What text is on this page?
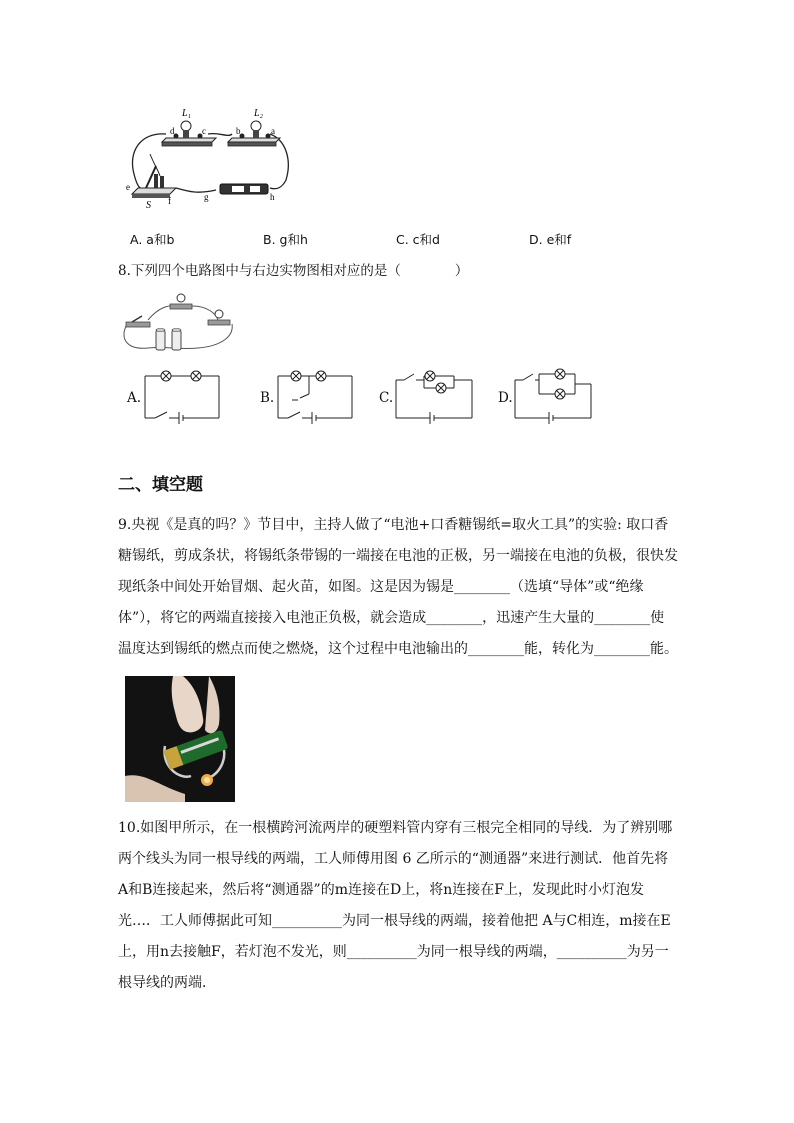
L₁	L₂
d	c	b	a
e
f
S
g	h
A. a和b	B. g和h	C. c和d	D. e和f
8.下列四个电路图中与右边实物图相对应的是（　　　　）
A.	B.	C.	D.
二、填空题
9.央视《是真的吗？》节目中，主持人做了“电池+口香糖锡纸=取火工具”的实验: 取口香
糖锡纸，剪成条状，将锡纸条带锡的一端接在电池的正极，另一端接在电池的负极，很快发
现纸条中间处开始冒烟、起火苗，如图。这是因为锡是________（选填“导体”或“绝缘
体”），将它的两端直接接入电池正负极，就会造成________，迅速产生大量的________使
温度达到锡纸的燃点而使之燃烧，这个过程中电池输出的________能，转化为________能。
10.如图甲所示，在一根横跨河流两岸的硬塑料管内穿有三根完全相同的导线．为了辨别哪
两个线头为同一根导线的两端，工人师傅用图 6 乙所示的“测通器”来进行测试．他首先将
A和B连接起来，然后将“测通器”的m连接在D上，将n连接在F上，发现此时小灯泡发
光…．工人师傅据此可知__________为同一根导线的两端，接着他把 A与C相连，m接在E
上，用n去接触F，若灯泡不发光，则__________为同一根导线的两端，__________为另一
根导线的两端．
